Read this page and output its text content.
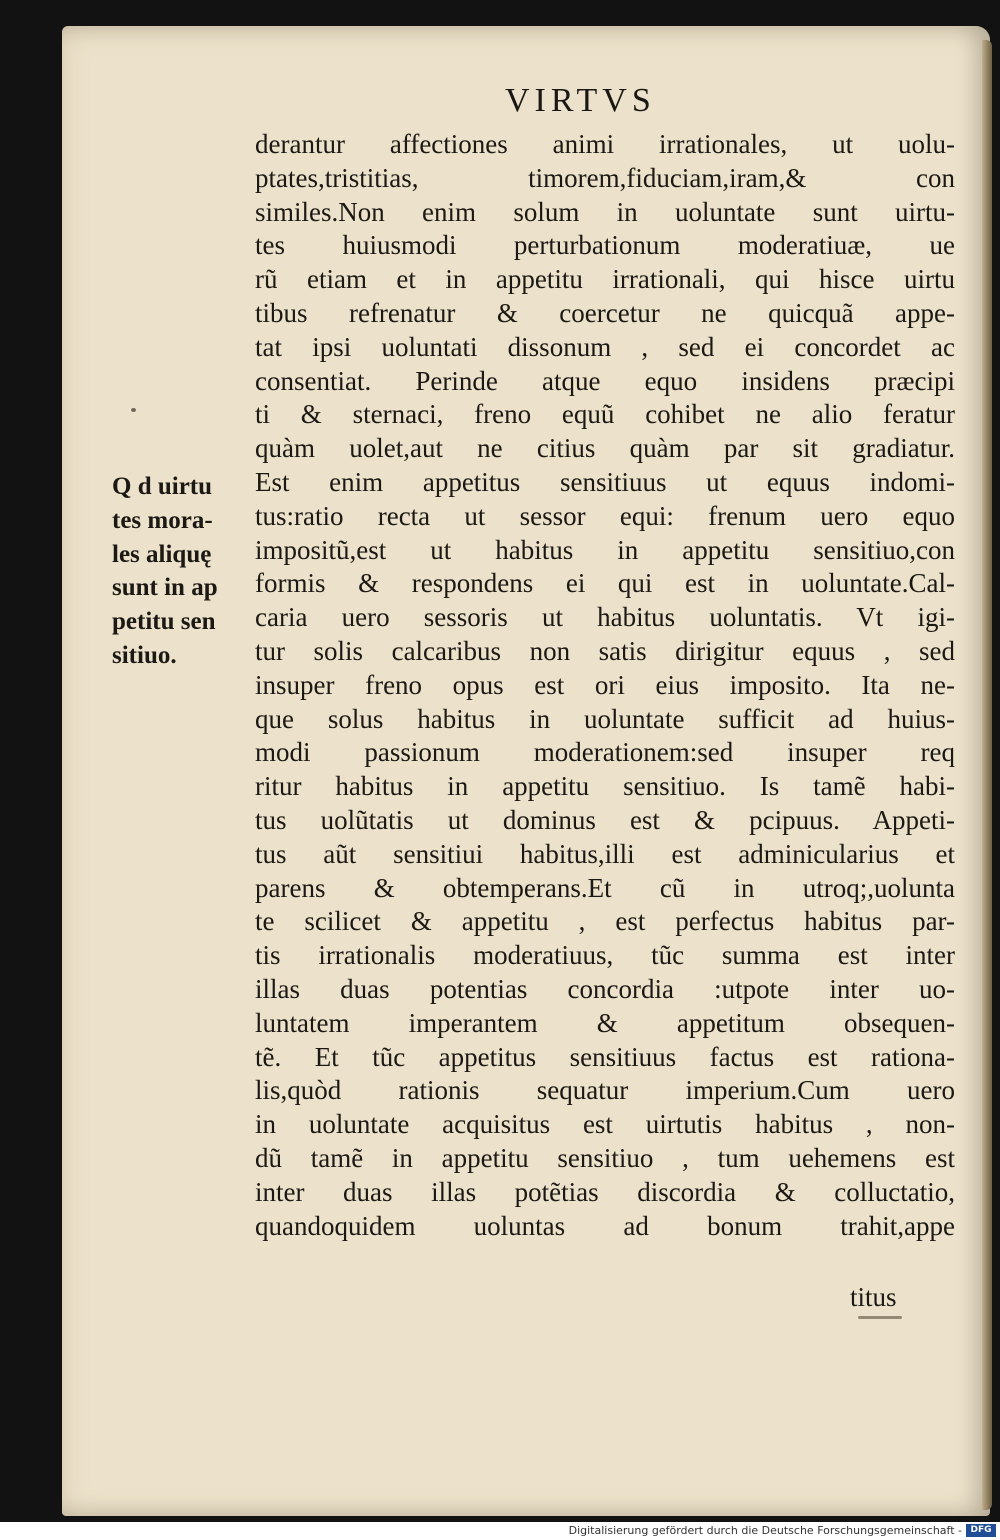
VIRTVS
derantur affectiones animi irrationales, ut uolu-
ptates,tristitias, timorem,fiduciam,iram,& con
similes.Non enim solum in uoluntate sunt uirtu-
tes huiusmodi perturbationum moderatiuæ, ue
rũ etiam et in appetitu irrationali, qui hisce uirtu
tibus refrenatur & coercetur ne quicquã appe-
tat ipsi uoluntati dissonum , sed ei concordet ac
consentiat. Perinde atque equo insidens præcipi
ti & sternaci, freno equũ cohibet ne alio feratur
quàm uolet,aut ne citius quàm par sit gradiatur.
Est enim appetitus sensitiuus ut equus indomi-
tus:ratio recta ut sessor equi: frenum uero equo
impositũ,est ut habitus in appetitu sensitiuo,con
formis & respondens ei qui est in uoluntate.Cal-
caria uero sessoris ut habitus uoluntatis. Vt igi-
tur solis calcaribus non satis dirigitur equus , sed
insuper freno opus est ori eius imposito. Ita ne-
que solus habitus in uoluntate sufficit ad huius-
modi passionum moderationem:sed insuper req
ritur habitus in appetitu sensitiuo. Is tamẽ habi-
tus uolũtatis ut dominus est & pcipuus. Appeti-
tus aũt sensitiui habitus,illi est adminicularius et
parens & obtemperans.Et cũ in utroq;,uolunta
te scilicet & appetitu , est perfectus habitus par-
tis irrationalis moderatiuus, tũc summa est inter
illas duas potentias concordia :utpote inter uo-
luntatem imperantem & appetitum obsequen-
tẽ. Et tũc appetitus sensitiuus factus est rationa-
lis,quòd rationis sequatur imperium.Cum uero
in uoluntate acquisitus est uirtutis habitus , non-
dũ tamẽ in appetitu sensitiuo , tum uehemens est
inter duas illas potẽtias discordia & colluctatio,
quandoquidem uoluntas ad bonum trahit,appe
Q d uirtu
tes mora-
les aliquę
sunt in ap
petitu sen
sitiuo.
titus
Digitalisierung gefördert durch die Deutsche Forschungsgemeinschaft - DFG
